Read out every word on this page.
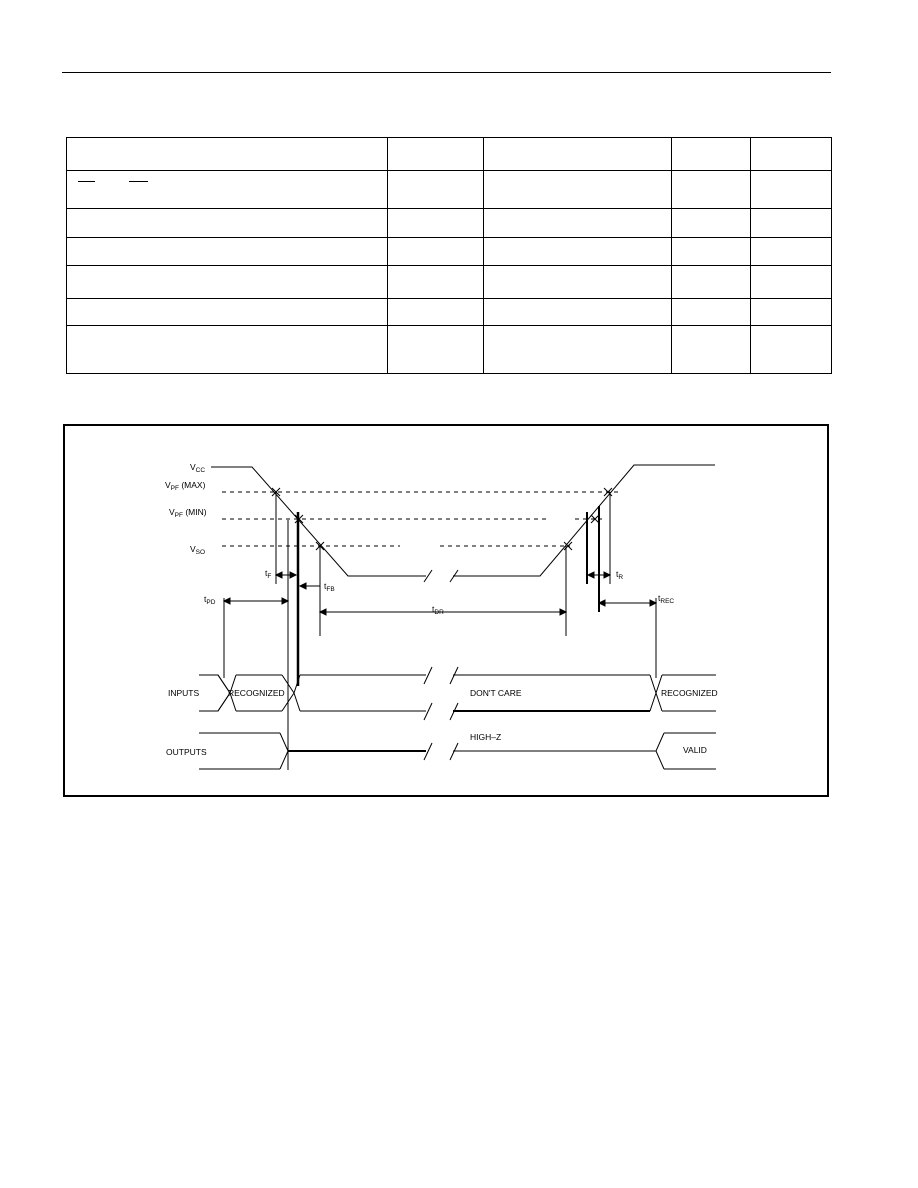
$V_{CC}$
$V_{PF}$ (MAX)
$V_{PF}$ (MIN)
$V_{SO}$
$t_F$
$t_{FB}$
$t_R$
$t_{PD}$
$t_{DR}$
$t_{REC}$
INPUTS	RECOGNIZED	DON'T CARE	RECOGNIZED
HIGH–Z
OUTPUTS	VALID
